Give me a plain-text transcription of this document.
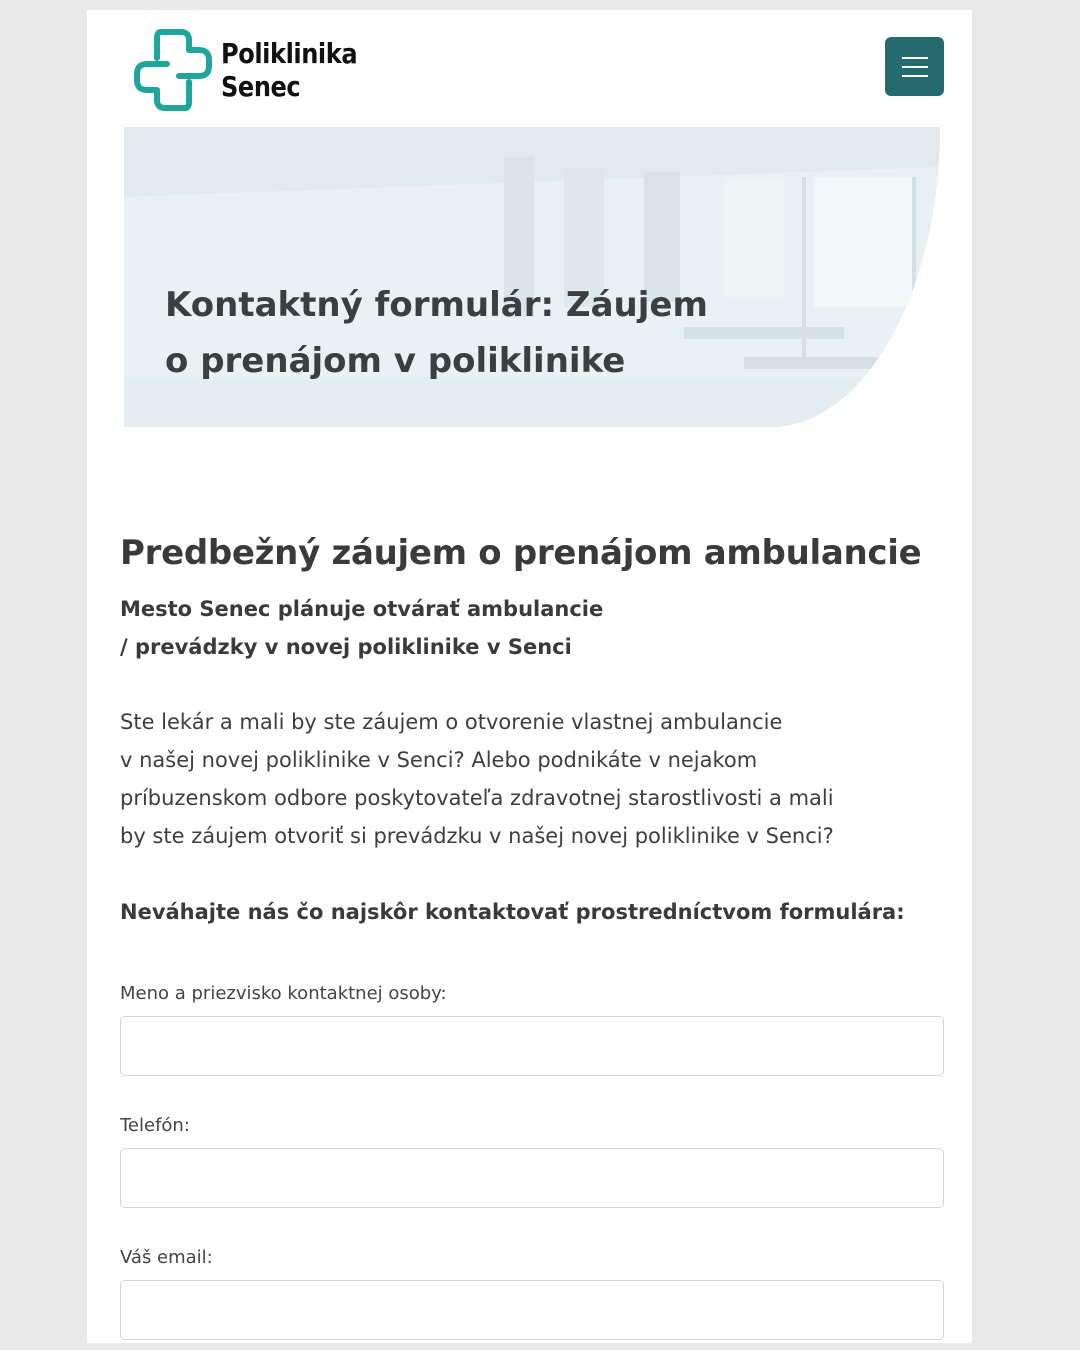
Poliklinika
Senec
Kontaktný formulár: Záujem o prenájom v poliklinike
Predbežný záujem o prenájom ambulancie

Mesto Senec plánuje otvárať ambulancie
/ prevádzky v novej poliklinike v Senci

Ste lekár a mali by ste záujem o otvorenie vlastnej ambulancie
v našej novej poliklinike v Senci? Alebo podnikáte v nejakom
príbuzenskom odbore poskytovateľa zdravotnej starostlivosti a mali
by ste záujem otvoriť si prevádzku v našej novej poliklinike v Senci?

Neváhajte nás čo najskôr kontaktovať prostredníctvom formulára:

Meno a priezvisko kontaktnej osoby:
Telefón:
Váš email:
